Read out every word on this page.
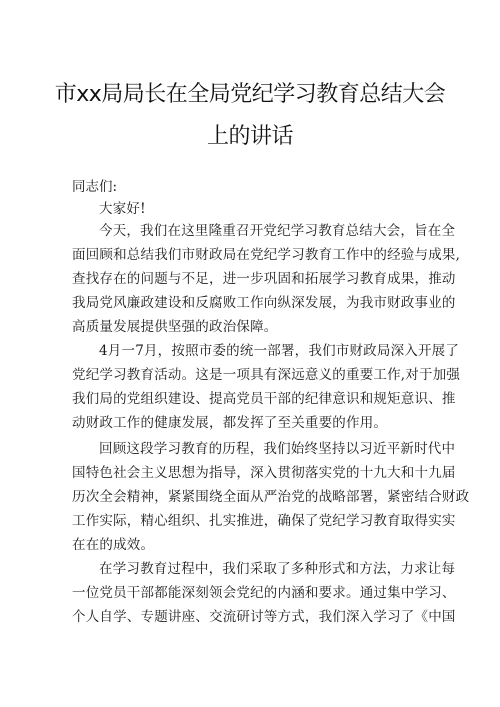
市xx局局长在全局党纪学习教育总结大会
上的讲话
同志们:
大家好!
今天，我们在这里隆重召开党纪学习教育总结大会，旨在全
面回顾和总结我们市财政局在党纪学习教育工作中的经验与成果,
查找存在的问题与不足，进一步巩固和拓展学习教育成果，推动
我局党风廉政建设和反腐败工作向纵深发展，为我市财政事业的
高质量发展提供坚强的政治保障。
4月一7月，按照市委的统一部署，我们市财政局深入开展了
党纪学习教育活动。这是一项具有深远意义的重要工作,对于加强
我们局的党组织建设、提高党员干部的纪律意识和规矩意识、推
动财政工作的健康发展，都发挥了至关重要的作用。
回顾这段学习教育的历程，我们始终坚持以习近平新时代中
国特色社会主义思想为指导，深入贯彻落实党的十九大和十九届
历次全会精神，紧紧围绕全面从严治党的战略部署，紧密结合财政
工作实际，精心组织、扎实推进，确保了党纪学习教育取得实实
在在的成效。
在学习教育过程中，我们采取了多种形式和方法，力求让每
一位党员干部都能深刻领会党纪的内涵和要求。通过集中学习、
个人自学、专题讲座、交流研讨等方式，我们深入学习了《中国
